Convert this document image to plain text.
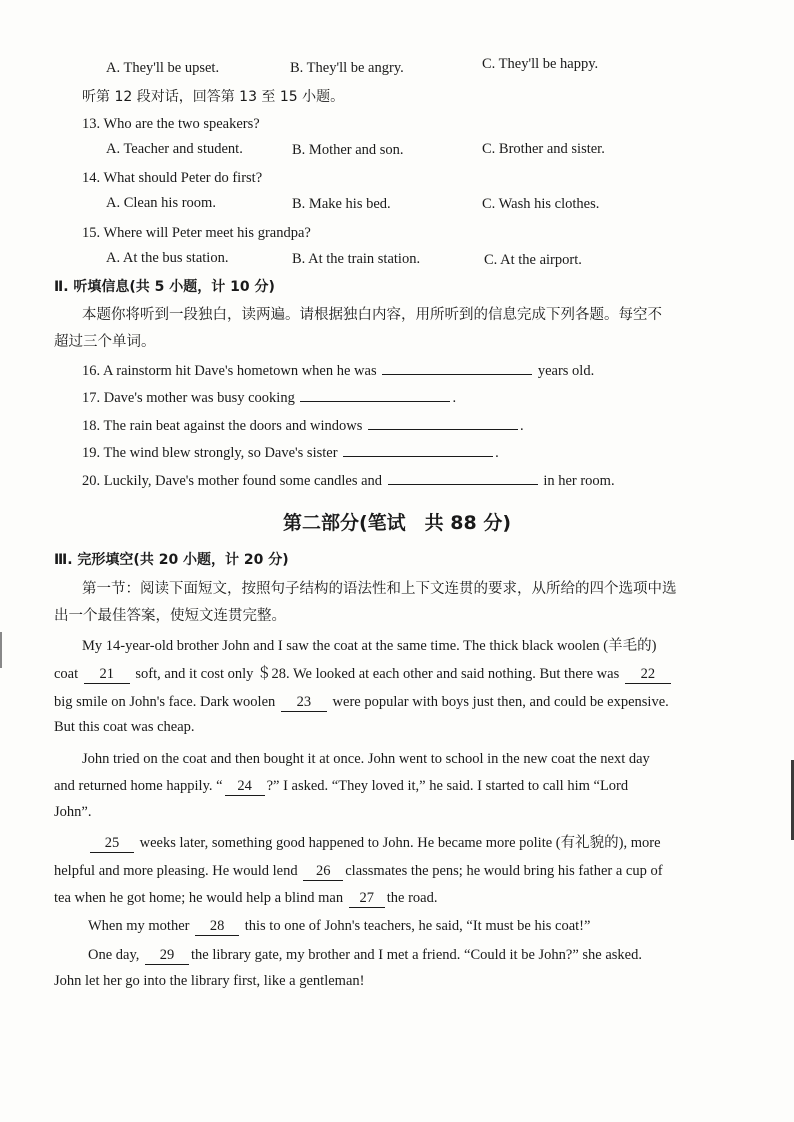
A. They'll be upset.	B. They'll be angry.	C. They'll be happy.
听第 12 段对话，回答第 13 至 15 小题。
13. Who are the two speakers?
A. Teacher and student.	B. Mother and son.	C. Brother and sister.
14. What should Peter do first?
A. Clean his room.	B. Make his bed.	C. Wash his clothes.
15. Where will Peter meet his grandpa?
A. At the bus station.	B. At the train station.	C. At the airport.
Ⅱ. 听填信息(共 5 小题，计 10 分)
本题你将听到一段独白，读两遍。请根据独白内容，用所听到的信息完成下列各题。每空不
超过三个单词。
16. A rainstorm hit Dave's hometown when he was	years old.
17. Dave's mother was busy cooking	.
18. The rain beat against the doors and windows	.
19. The wind blew strongly, so Dave's sister	.
20. Luckily, Dave's mother found some candles and	in her room.
第二部分(笔试　共 88 分)
Ⅲ. 完形填空(共 20 小题，计 20 分)
第一节：阅读下面短文，按照句子结构的语法性和上下文连贯的要求，从所给的四个选项中选
出一个最佳答案，使短文连贯完整。
My 14-year-old brother John and I saw the coat at the same time. The thick black woolen (羊毛的)
coat 21 soft, and it cost only ＄28. We looked at each other and said nothing. But there was 22
big smile on John's face. Dark woolen 23 were popular with boys just then, and could be expensive.
But this coat was cheap.
John tried on the coat and then bought it at once. John went to school in the new coat the next day
and returned home happily. “ 24 ?” I asked. “They loved it,” he said. I started to call him “Lord
John”.
25 weeks later, something good happened to John. He became more polite (有礼貌的), more
helpful and more pleasing. He would lend 26 classmates the pens; he would bring his father a cup of
tea when he got home; he would help a blind man 27 the road.
When my mother 28 this to one of John's teachers, he said, “It must be his coat!”
One day, 29 the library gate, my brother and I met a friend. “Could it be John?” she asked.
John let her go into the library first, like a gentleman!
